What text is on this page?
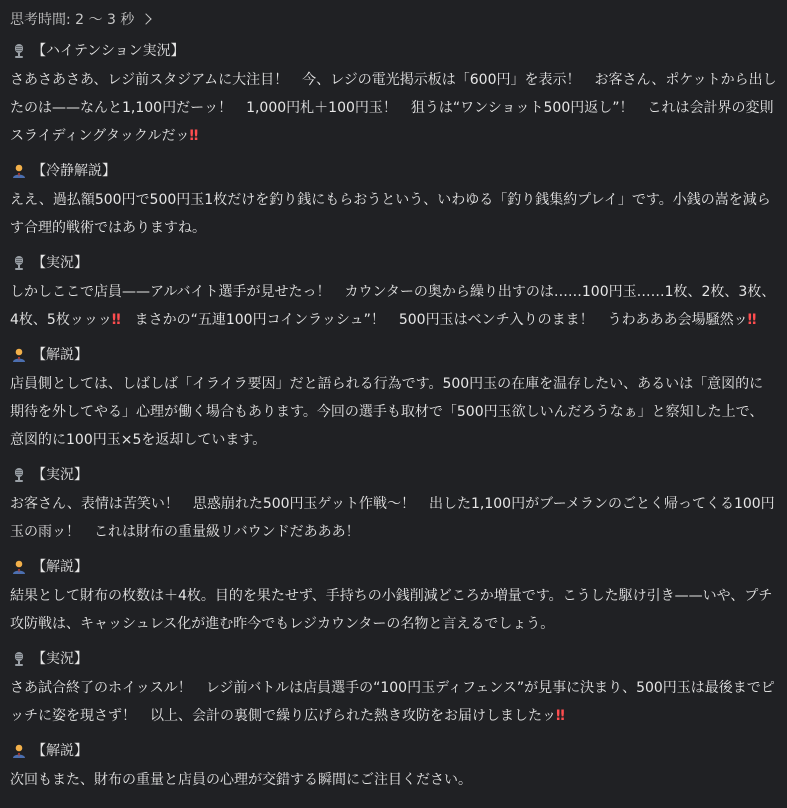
思考時間: 2 〜 3 秒
【ハイテンション実況】
さあさあさあ、レジ前スタジアムに大注目！　今、レジの電光掲示板は「600円」を表示！　お客さん、ポケットから出したのは——なんと1,100円だーッ！　1,000円札＋100円玉！　狙うは“ワンショット500円返し”！　これは会計界の変則スライディングタックルだッ‼
【冷静解説】
ええ、過払額500円で500円玉1枚だけを釣り銭にもらおうという、いわゆる「釣り銭集約プレイ」です。小銭の嵩を減らす合理的戦術ではありますね。
【実況】
しかしここで店員——アルバイト選手が見せたっ！　カウンターの奥から繰り出すのは……100円玉……1枚、2枚、3枚、4枚、5枚ッッッ‼　まさかの“五連100円コインラッシュ”！　500円玉はベンチ入りのまま！　うわあああ会場騒然ッ‼
【解説】
店員側としては、しばしば「イライラ要因」だと語られる行為です。500円玉の在庫を温存したい、あるいは「意図的に期待を外してやる」心理が働く場合もあります。今回の選手も取材で「500円玉欲しいんだろうなぁ」と察知した上で、意図的に100円玉×5を返却しています。
【実況】
お客さん、表情は苦笑い！　思惑崩れた500円玉ゲット作戦〜！　出した1,100円がブーメランのごとく帰ってくる100円玉の雨ッ！　これは財布の重量級リバウンドだあああ！
【解説】
結果として財布の枚数は＋4枚。目的を果たせず、手持ちの小銭削減どころか増量です。こうした駆け引き——いや、プチ攻防戦は、キャッシュレス化が進む昨今でもレジカウンターの名物と言えるでしょう。
【実況】
さあ試合終了のホイッスル！　レジ前バトルは店員選手の“100円玉ディフェンス”が見事に決まり、500円玉は最後までピッチに姿を現さず！　以上、会計の裏側で繰り広げられた熱き攻防をお届けしましたッ‼
【解説】
次回もまた、財布の重量と店員の心理が交錯する瞬間にご注目ください。
